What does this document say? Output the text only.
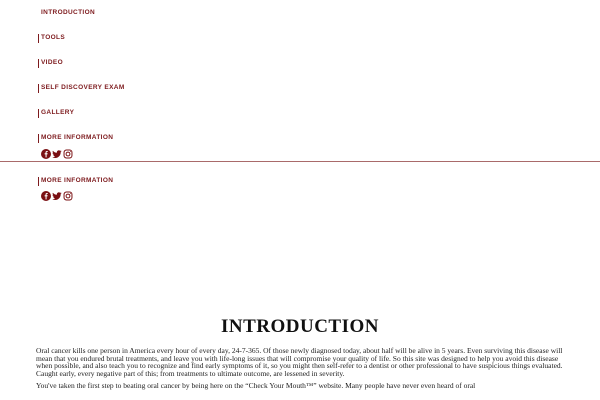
INTRODUCTION
TOOLS
VIDEO
SELF DISCOVERY EXAM
GALLERY
MORE INFORMATION
MORE INFORMATION
INTRODUCTION

Oral cancer kills one person in America every hour of every day, 24-7-365. Of those newly diagnosed today, about half will be alive in 5 years. Even surviving this disease will mean that you endured brutal treatments, and leave you with life-long issues that will compromise your quality of life. So this site was designed to help you avoid this disease when possible, and also teach you to recognize and find early symptoms of it, so you might then self-refer to a dentist or other professional to have suspicious things evaluated. Caught early, every negative part of this; from treatments to ultimate outcome, are lessened in severity.

You've taken the first step to beating oral cancer by being here on the “Check Your Mouth™” website. Many people have never even heard of oral
